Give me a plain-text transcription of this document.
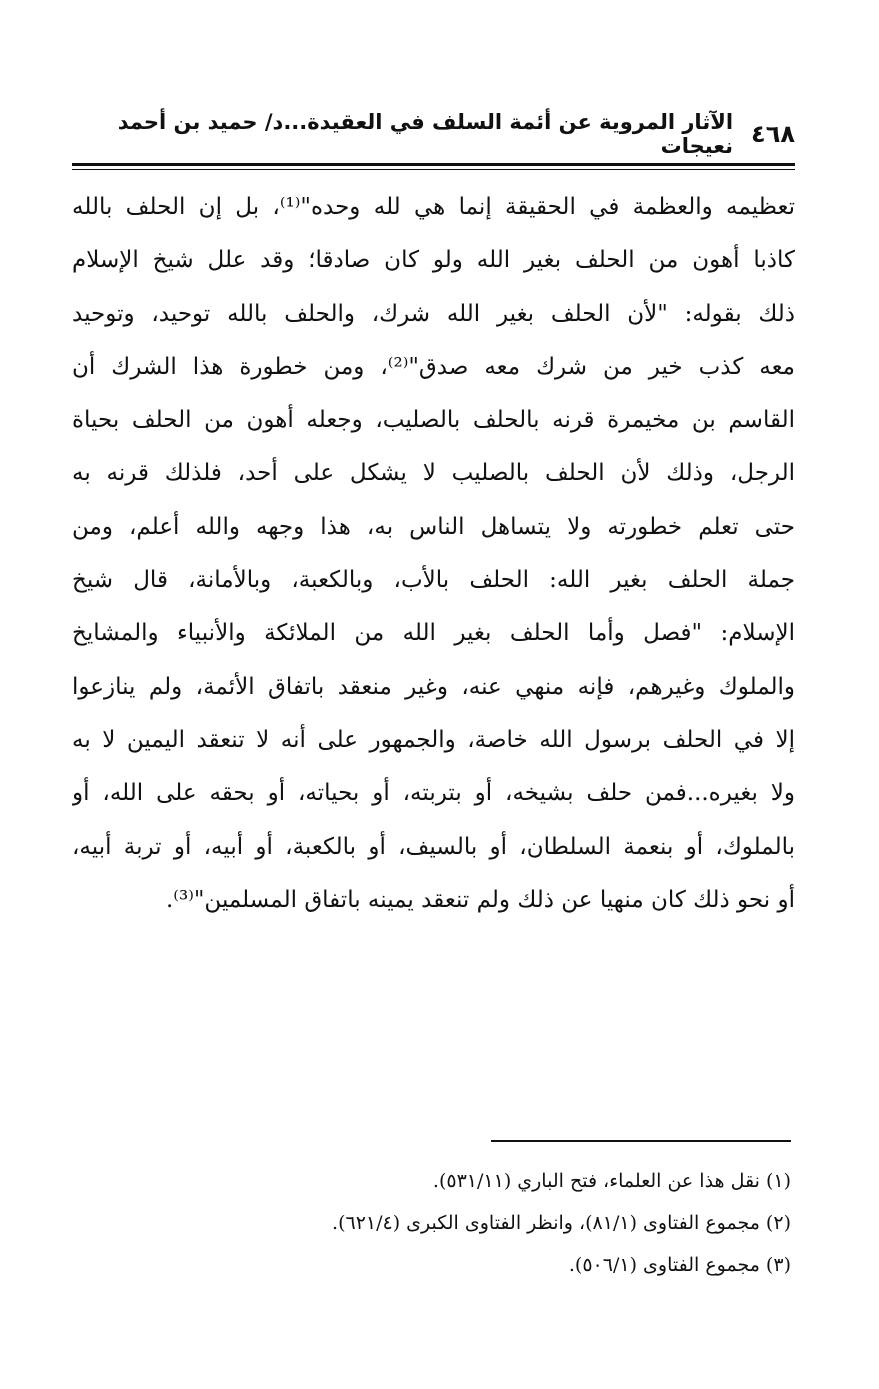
٤٦٨
الآثار المروية عن أئمة السلف في العقيدة...د/ حميد بن أحمد نعيجات
تعظيمه والعظمة في الحقيقة إنما هي لله وحده"⁽¹⁾، بل إن الحلف بالله
كاذبا أهون من الحلف بغير الله ولو كان صادقا؛ وقد علل شيخ الإسلام
ذلك بقوله: "لأن الحلف بغير الله شرك، والحلف بالله توحيد، وتوحيد
معه كذب خير من شرك معه صدق"⁽²⁾، ومن خطورة هذا الشرك أن
القاسم بن مخيمرة قرنه بالحلف بالصليب، وجعله أهون من الحلف بحياة
الرجل، وذلك لأن الحلف بالصليب لا يشكل على أحد، فلذلك قرنه به
حتى تعلم خطورته ولا يتساهل الناس به، هذا وجهه والله أعلم، ومن
جملة الحلف بغير الله: الحلف بالأب، وبالكعبة، وبالأمانة، قال شيخ
الإسلام: "فصل وأما الحلف بغير الله من الملائكة والأنبياء والمشايخ
والملوك وغيرهم، فإنه منهي عنه، وغير منعقد باتفاق الأئمة، ولم ينازعوا
إلا في الحلف برسول الله خاصة، والجمهور على أنه لا تنعقد اليمين لا به
ولا بغيره...فمن حلف بشيخه، أو بتربته، أو بحياته، أو بحقه على الله، أو
بالملوك، أو بنعمة السلطان، أو بالسيف، أو بالكعبة، أو أبيه، أو تربة أبيه،
أو نحو ذلك كان منهيا عن ذلك ولم تنعقد يمينه باتفاق المسلمين"⁽³⁾.
(١) نقل هذا عن العلماء، فتح الباري (٥٣١/١١).
(٢) مجموع الفتاوى (٨١/١)، وانظر الفتاوى الكبرى (٦٢١/٤).
(٣) مجموع الفتاوى (٥٠٦/١).
